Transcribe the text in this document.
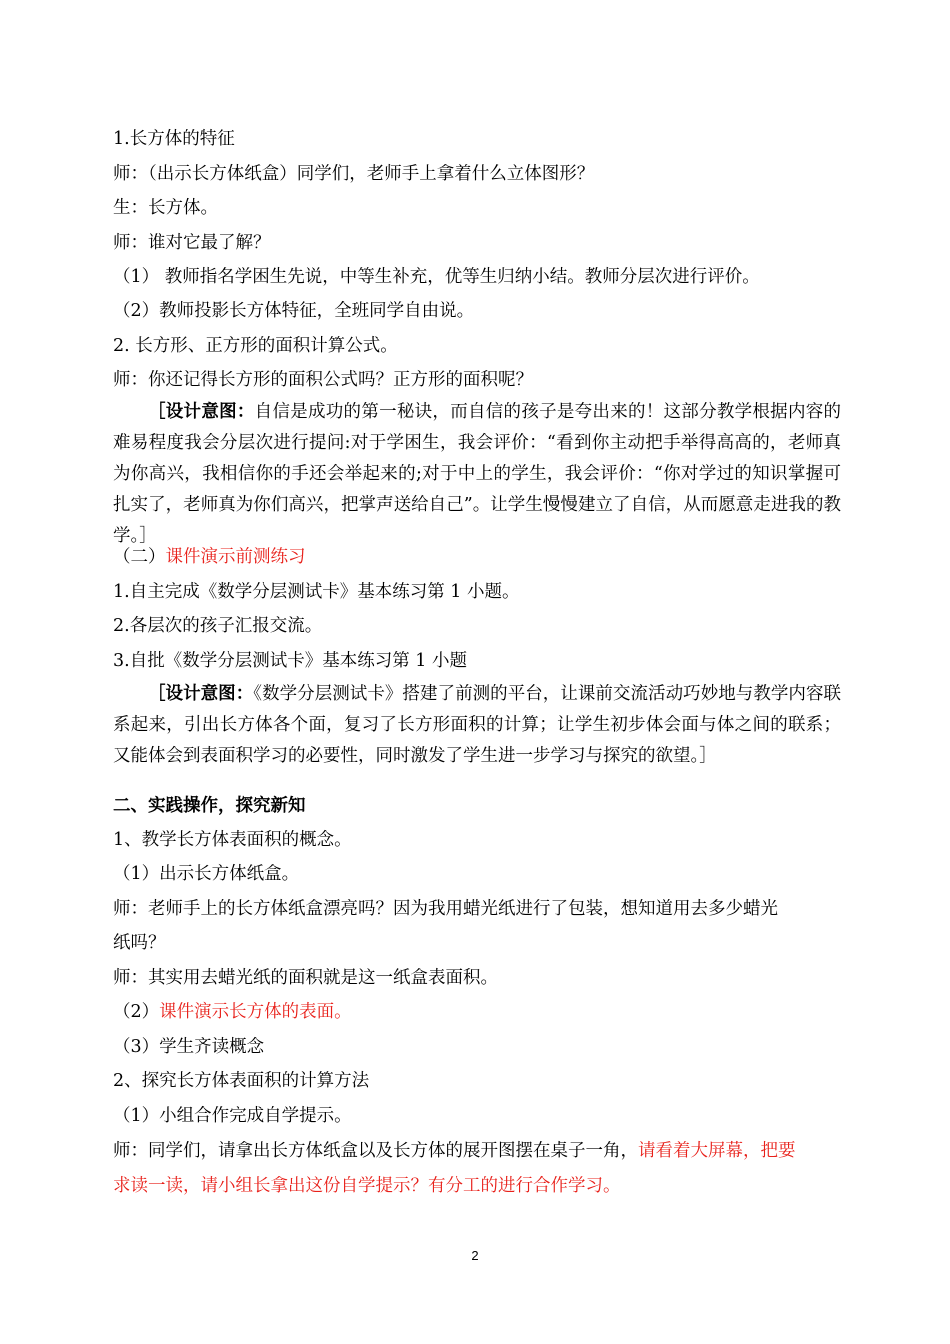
1.长方体的特征
师：（出示长方体纸盒）同学们，老师手上拿着什么立体图形？
生：长方体。
师：谁对它最了解？
（1） 教师指名学困生先说，中等生补充，优等生归纳小结。教师分层次进行评价。
（2）教师投影长方体特征，全班同学自由说。
2. 长方形、正方形的面积计算公式。
师：你还记得长方形的面积公式吗？正方形的面积呢？
［设计意图：自信是成功的第一秘诀，而自信的孩子是夸出来的！这部分教学根据内容的难易程度我会分层次进行提问:对于学困生，我会评价：“看到你主动把手举得高高的，老师真为你高兴，我相信你的手还会举起来的;对于中上的学生，我会评价：“你对学过的知识掌握可扎实了，老师真为你们高兴，把掌声送给自己”。让学生慢慢建立了自信，从而愿意走进我的教学。］
（二）课件演示前测练习
1.自主完成《数学分层测试卡》基本练习第 1 小题。
2.各层次的孩子汇报交流。
3.自批《数学分层测试卡》基本练习第 1 小题
［设计意图：《数学分层测试卡》搭建了前测的平台，让课前交流活动巧妙地与教学内容联系起来，引出长方体各个面，复习了长方形面积的计算；让学生初步体会面与体之间的联系；又能体会到表面积学习的必要性，同时激发了学生进一步学习与探究的欲望。］
二、实践操作，探究新知
1、教学长方体表面积的概念。
（1）出示长方体纸盒。
师：老师手上的长方体纸盒漂亮吗？因为我用蜡光纸进行了包装，想知道用去多少蜡光
纸吗？
师：其实用去蜡光纸的面积就是这一纸盒表面积。
（2）课件演示长方体的表面。
（3）学生齐读概念
2、探究长方体表面积的计算方法
（1）小组合作完成自学提示。
师：同学们，请拿出长方体纸盒以及长方体的展开图摆在桌子一角，请看着大屏幕，把要
求读一读，请小组长拿出这份自学提示？有分工的进行合作学习。
2
